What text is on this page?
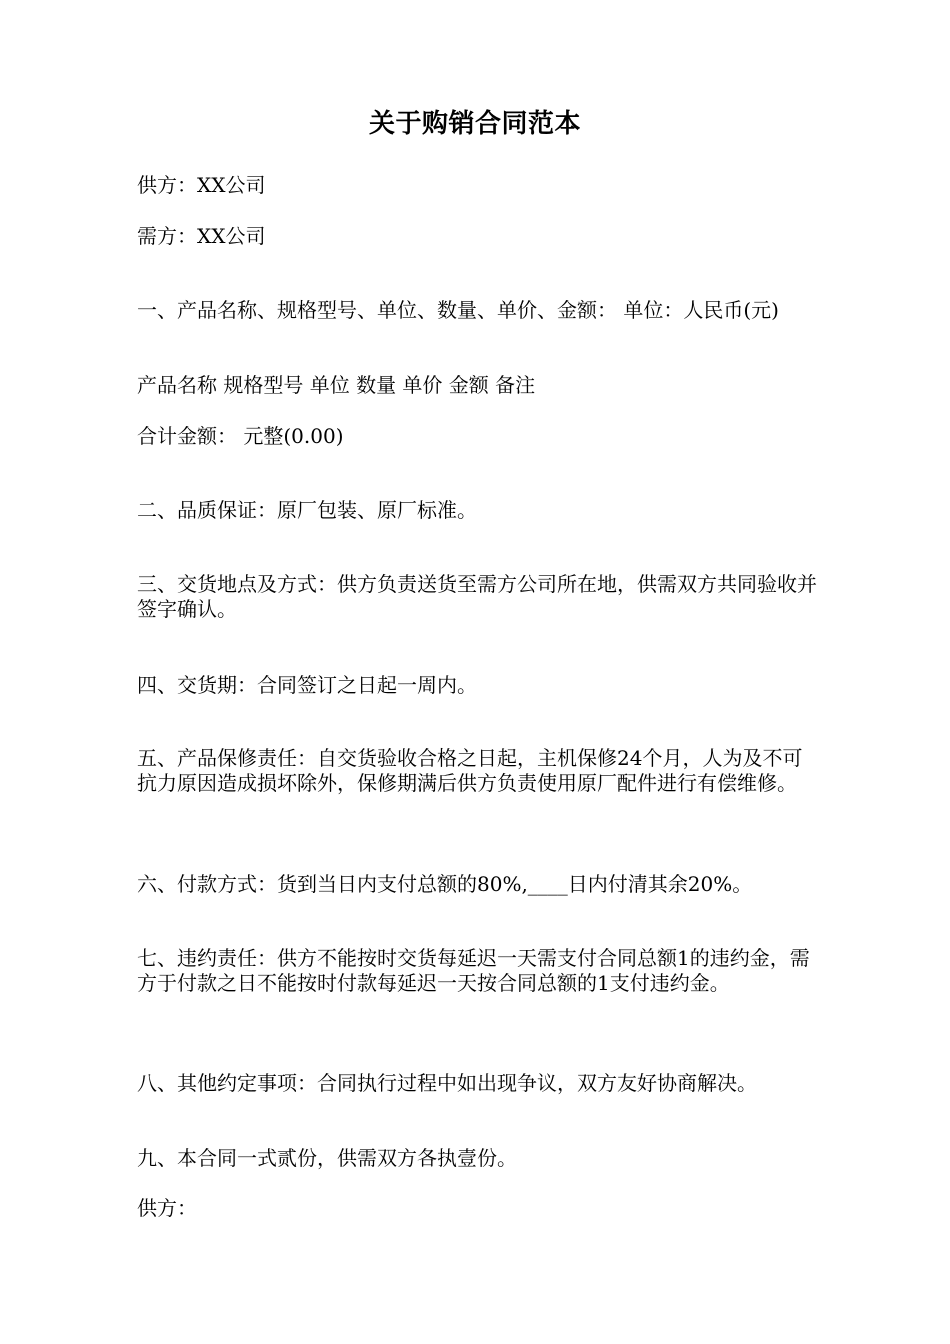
关于购销合同范本

供方：XX公司

需方：XX公司

一、产品名称、规格型号、单位、数量、单价、金额： 单位：人民币(元)

产品名称 规格型号 单位 数量 单价 金额 备注

合计金额： 元整(0.00)

二、品质保证：原厂包装、原厂标准。

三、交货地点及方式：供方负责送货至需方公司所在地，供需双方共同验收并签字确认。

四、交货期：合同签订之日起一周内。

五、产品保修责任：自交货验收合格之日起，主机保修24个月，人为及不可抗力原因造成损坏除外，保修期满后供方负责使用原厂配件进行有偿维修。

六、付款方式：货到当日内支付总额的80%,____日内付清其余20%。

七、违约责任：供方不能按时交货每延迟一天需支付合同总额1的违约金，需方于付款之日不能按时付款每延迟一天按合同总额的1支付违约金。

八、其他约定事项：合同执行过程中如出现争议，双方友好协商解决。

九、本合同一式贰份，供需双方各执壹份。

供方：
